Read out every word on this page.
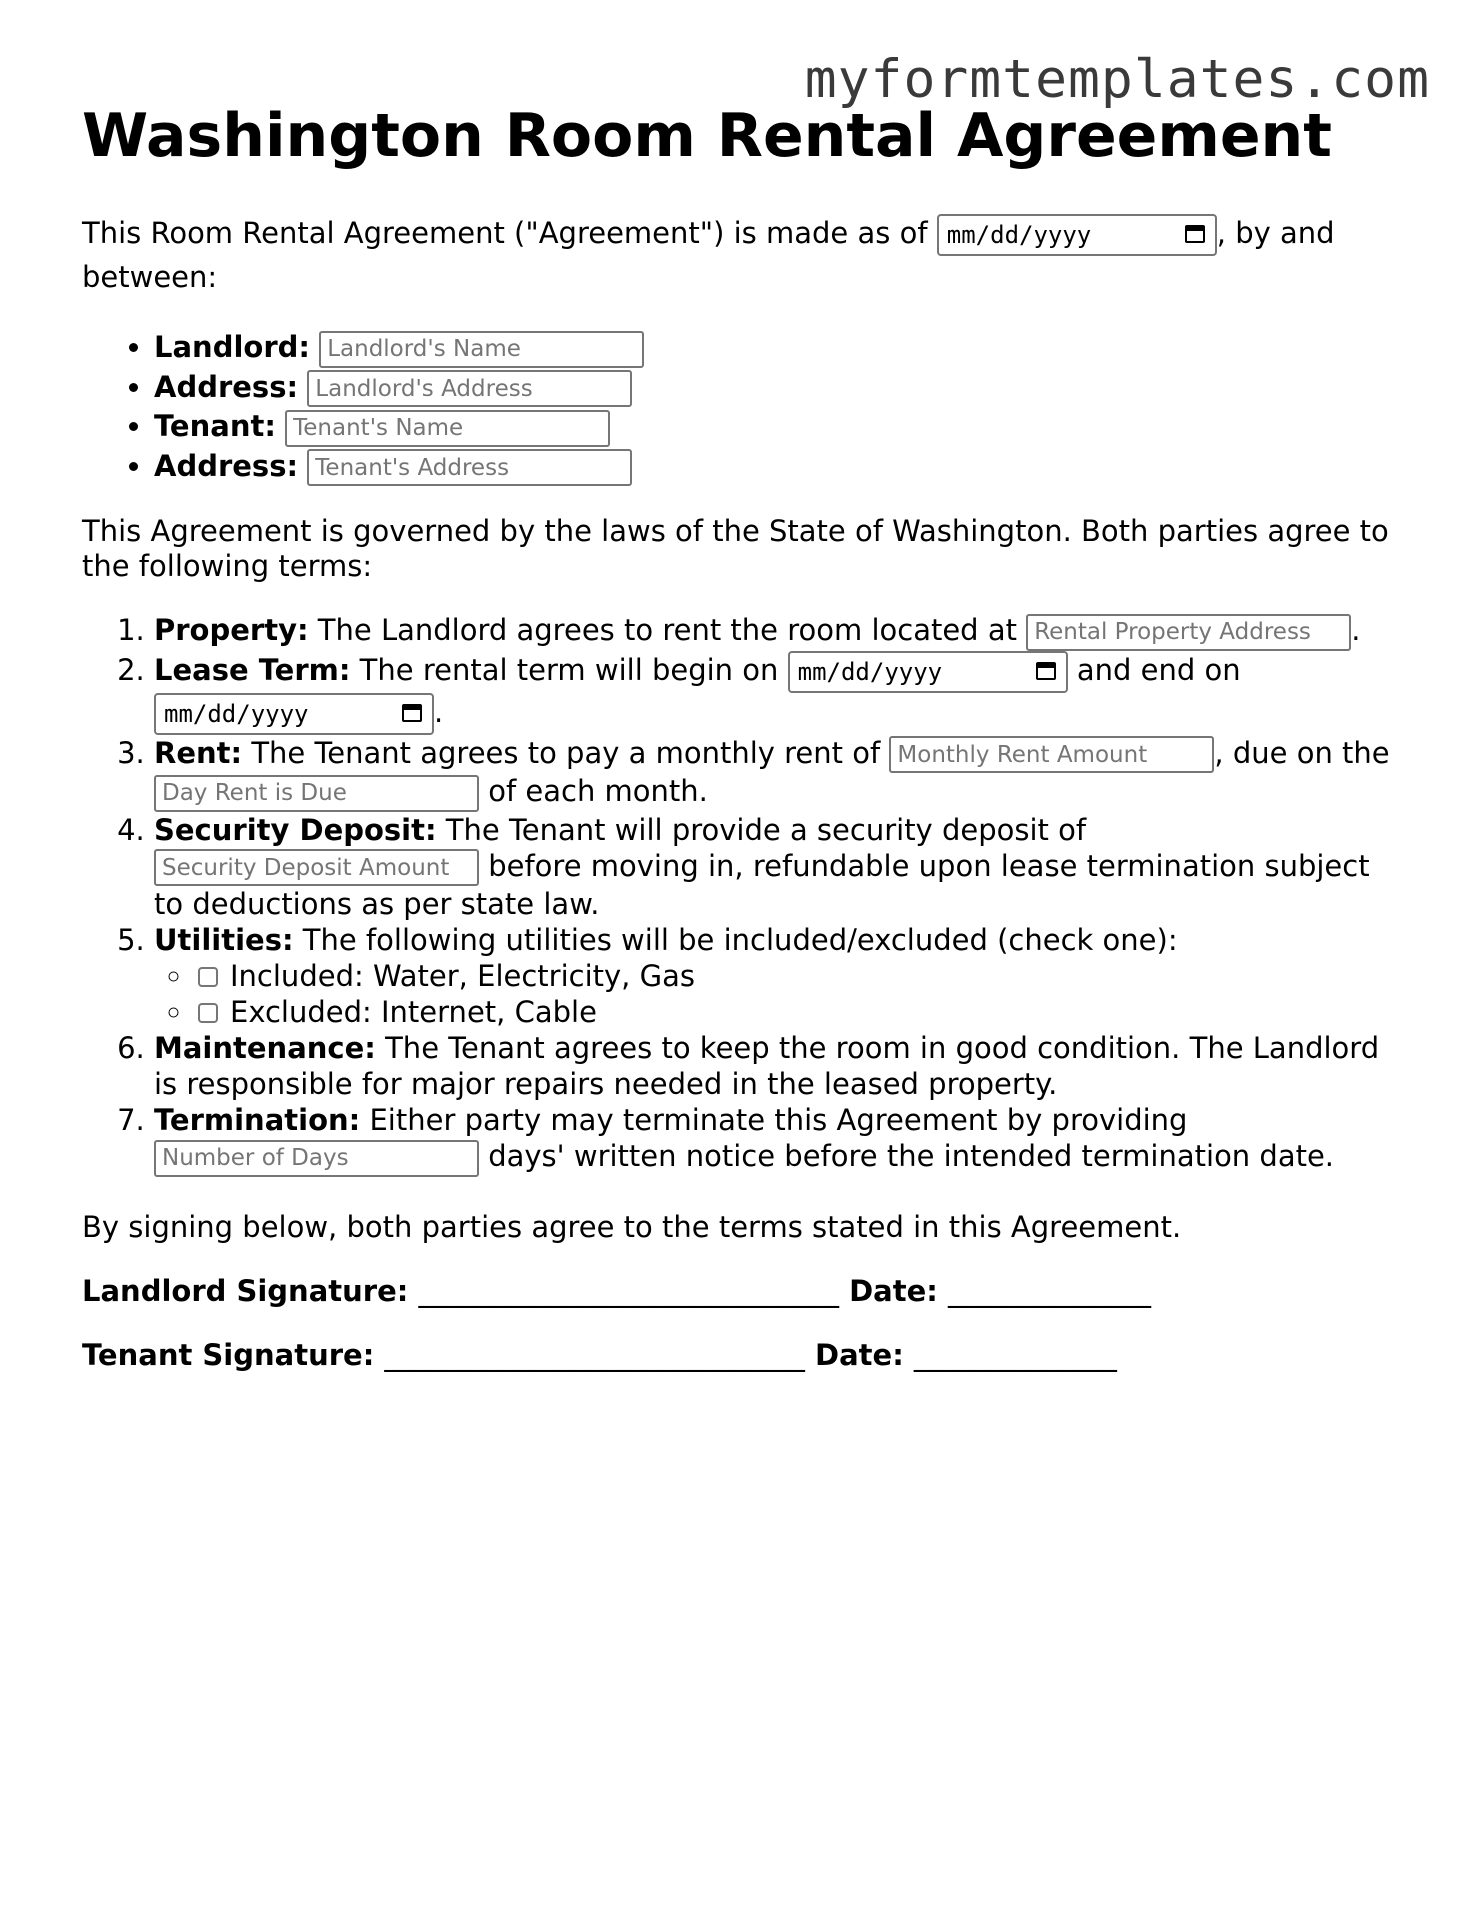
myformtemplates.com
Washington Room Rental Agreement

This Room Rental Agreement ("Agreement") is made as of mm/dd/yyyy	, by and between:

• Landlord: Landlord's Name
• Address: Landlord's Address
• Tenant: Tenant's Name
• Address: Tenant's Address

This Agreement is governed by the laws of the State of Washington. Both parties agree to the following terms:

1. Property: The Landlord agrees to rent the room located at Rental Property Address	.
2. Lease Term: The rental term will begin on mm/dd/yyyy	and end on mm/dd/yyyy	.
3. Rent: The Tenant agrees to pay a monthly rent of Monthly Rent Amount	, due on the Day Rent is Due of each month.
4. Security Deposit: The Tenant will provide a security deposit of Security Deposit Amount before moving in, refundable upon lease termination subject to deductions as per state law.
5. Utilities: The following utilities will be included/excluded (check one):
◦ Included: Water, Electricity, Gas
◦ Excluded: Internet, Cable
6. Maintenance: The Tenant agrees to keep the room in good condition. The Landlord is responsible for major repairs needed in the leased property.
7. Termination: Either party may terminate this Agreement by providing Number of Days days' written notice before the intended termination date.

By signing below, both parties agree to the terms stated in this Agreement.

Landlord Signature: _____________________________ Date: ______________

Tenant Signature: _____________________________ Date: ______________
